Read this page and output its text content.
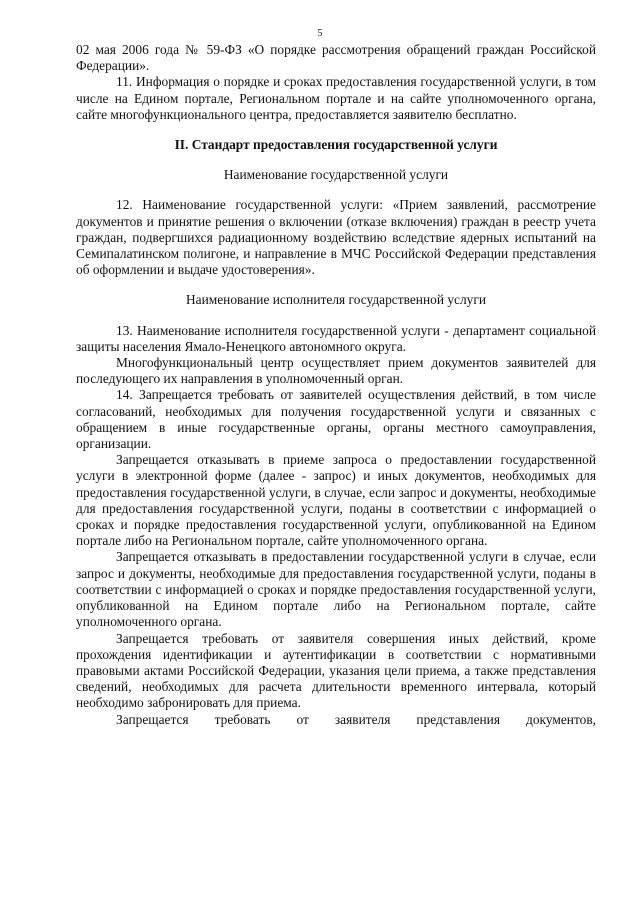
5

02 мая 2006 года № 59-ФЗ «О порядке рассмотрения обращений граждан Российской Федерации».

11. Информация о порядке и сроках предоставления государственной услуги, в том числе на Едином портале, Региональном портале и на сайте уполномоченного органа, сайте многофункционального центра, предоставляется заявителю бесплатно.

II. Стандарт предоставления государственной услуги
Наименование государственной услуги

12. Наименование государственной услуги: «Прием заявлений, рассмотрение документов и принятие решения о включении (отказе включения) граждан в реестр учета граждан, подвергшихся радиационному воздействию вследствие ядерных испытаний на Семипалатинском полигоне, и направление в МЧС Российской Федерации представления об оформлении и выдаче удостоверения».

Наименование исполнителя государственной услуги

13. Наименование исполнителя государственной услуги - департамент социальной защиты населения Ямало-Ненецкого автономного округа.

Многофункциональный центр осуществляет прием документов заявителей для последующего их направления в уполномоченный орган.

14. Запрещается требовать от заявителей осуществления действий, в том числе согласований, необходимых для получения государственной услуги и связанных с обращением в иные государственные органы, органы местного самоуправления, организации.

Запрещается отказывать в приеме запроса о предоставлении государственной услуги в электронной форме (далее - запрос) и иных документов, необходимых для предоставления государственной услуги, в случае, если запрос и документы, необходимые для предоставления государственной услуги, поданы в соответствии с информацией о сроках и порядке предоставления государственной услуги, опубликованной на Едином портале либо на Региональном портале, сайте уполномоченного органа.

Запрещается отказывать в предоставлении государственной услуги в случае, если запрос и документы, необходимые для предоставления государственной услуги, поданы в соответствии с информацией о сроках и порядке предоставления государственной услуги, опубликованной на Едином портале либо на Региональном портале, сайте уполномоченного органа.

Запрещается требовать от заявителя совершения иных действий, кроме прохождения идентификации и аутентификации в соответствии с нормативными правовыми актами Российской Федерации, указания цели приема, а также представления сведений, необходимых для расчета длительности временного интервала, который необходимо забронировать для приема.

Запрещается требовать от заявителя представления документов,
